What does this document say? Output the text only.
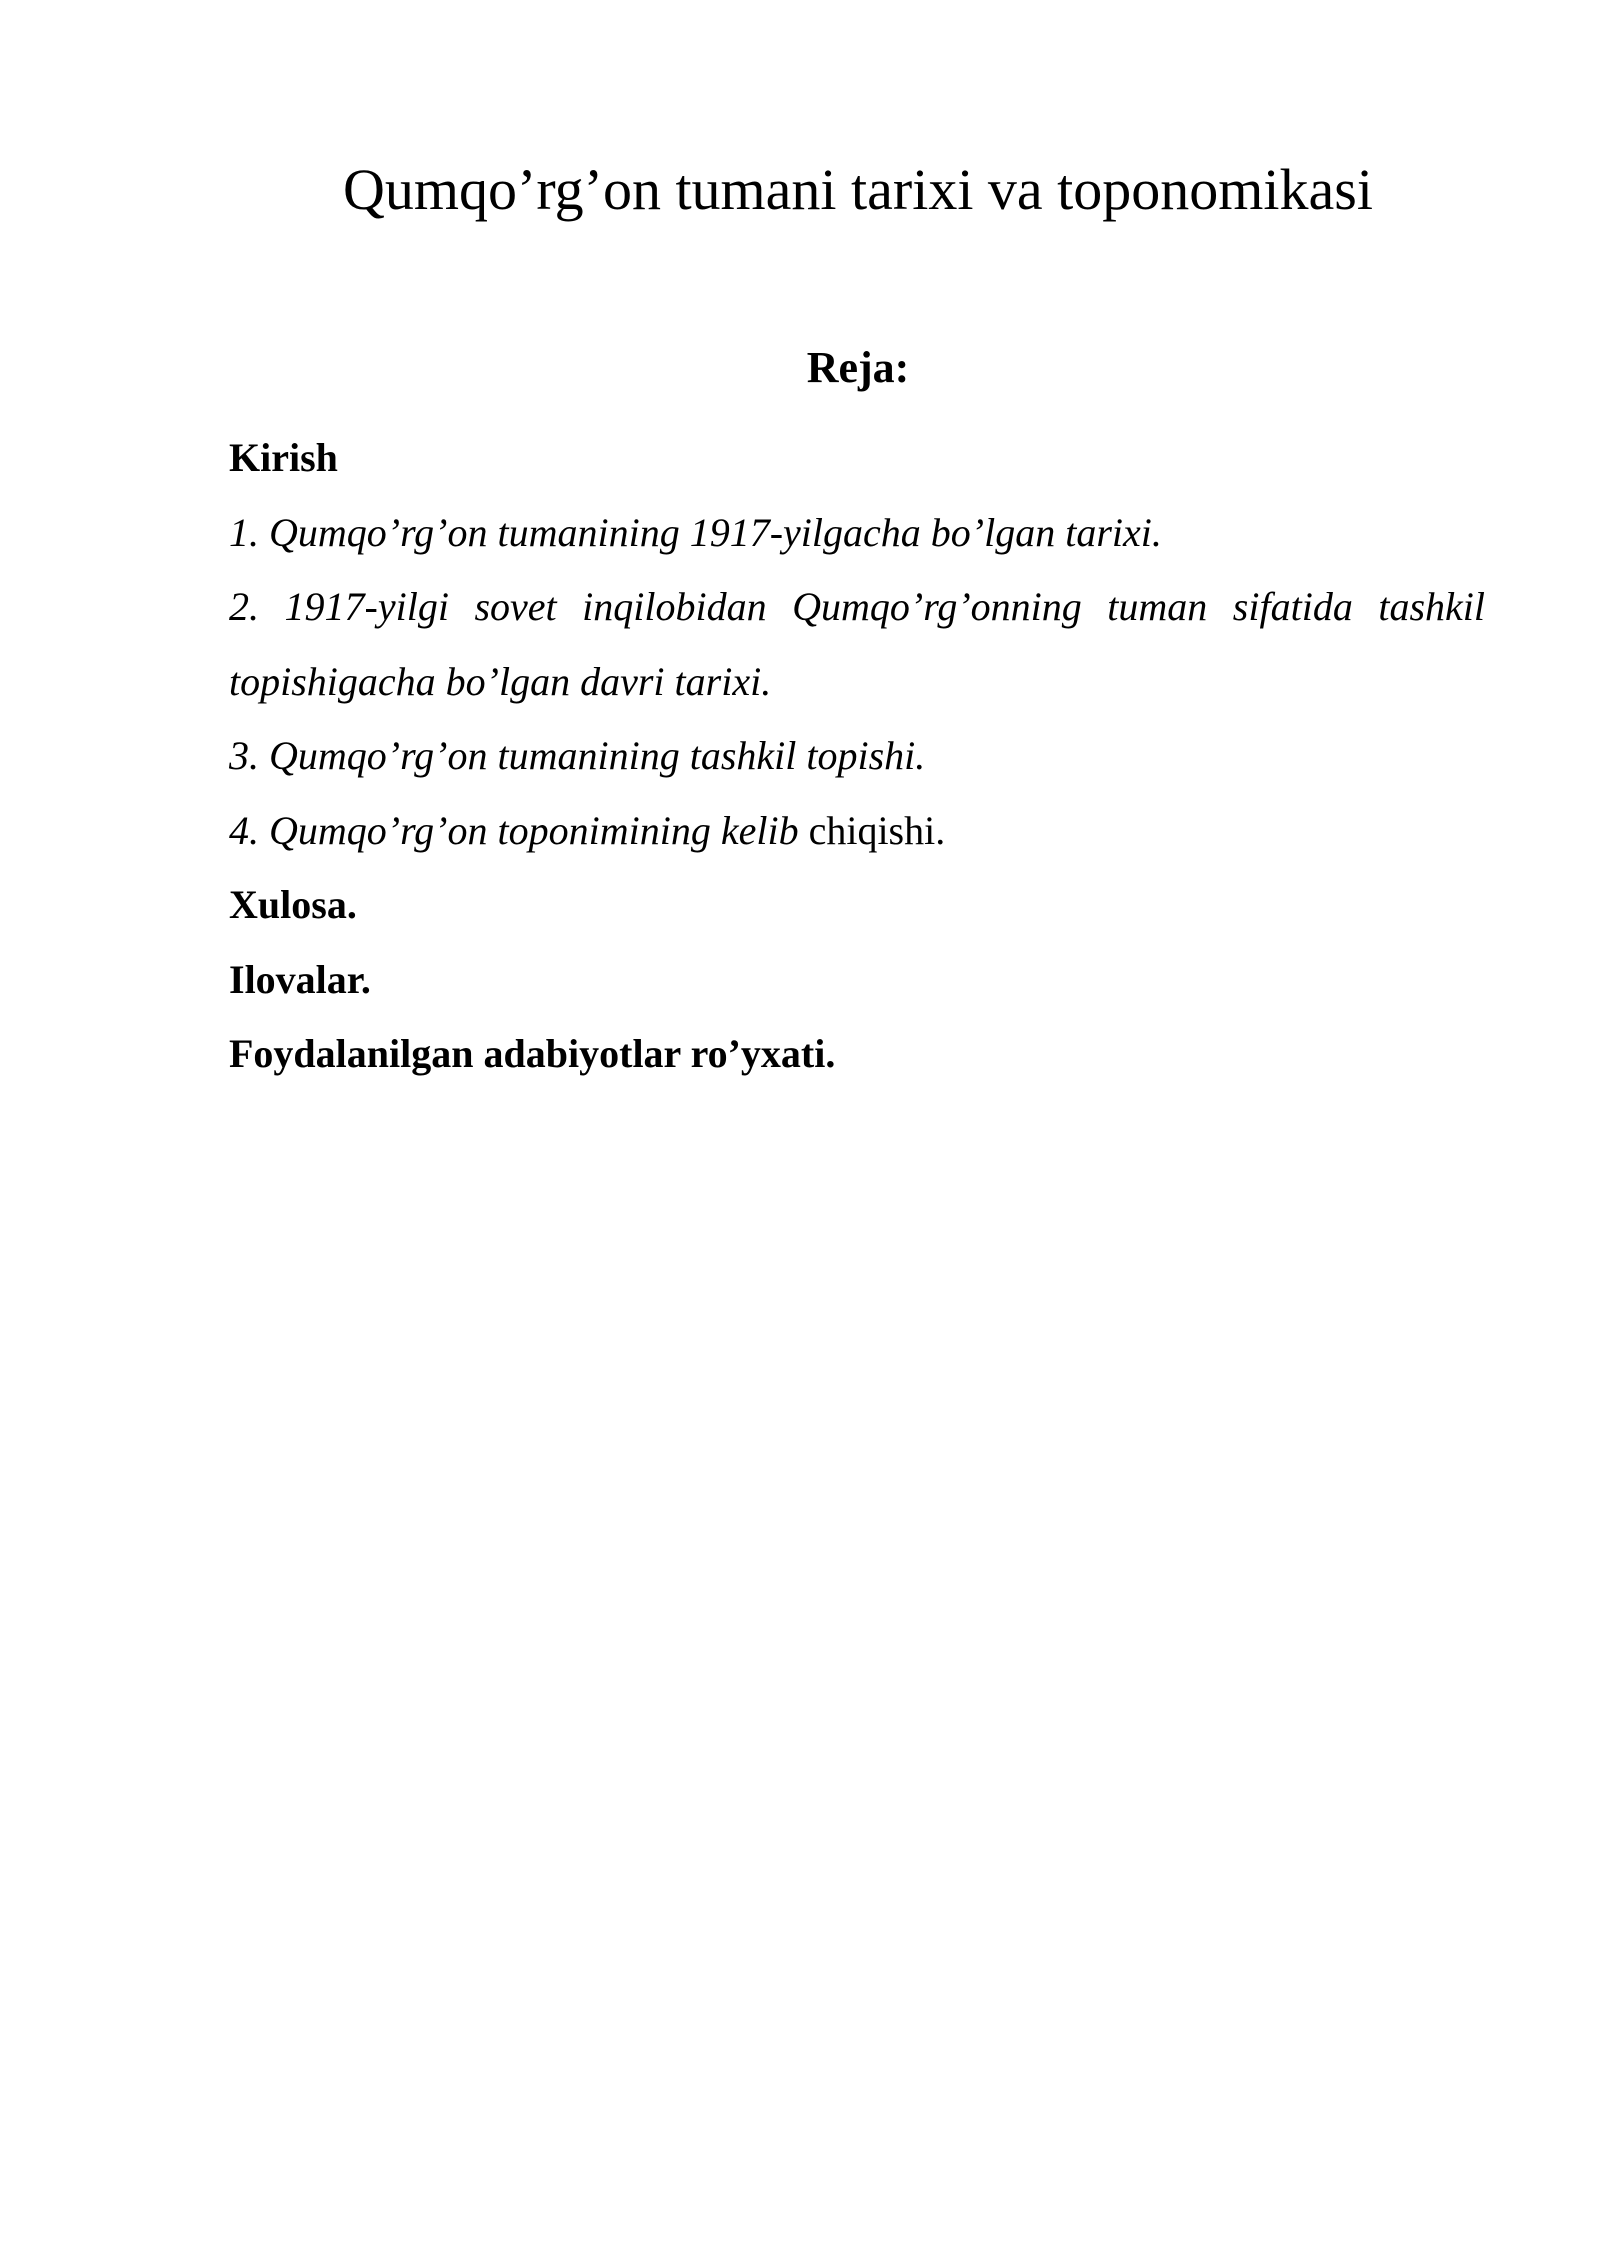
Qumqo’rg’on tumani tarixi va toponomikasi
Reja:

Kirish

1. Qumqo’rg’on tumanining 1917-yilgacha bo’lgan tarixi.

2. 1917-yilgi sovet inqilobidan Qumqo’rg’onning tuman sifatida tashkil topishigacha bo’lgan davri tarixi.

3. Qumqo’rg’on tumanining tashkil topishi.

4. Qumqo’rg’on toponimining kelib chiqishi.

Xulosa.

Ilovalar.

Foydalanilgan adabiyotlar ro’yxati.
